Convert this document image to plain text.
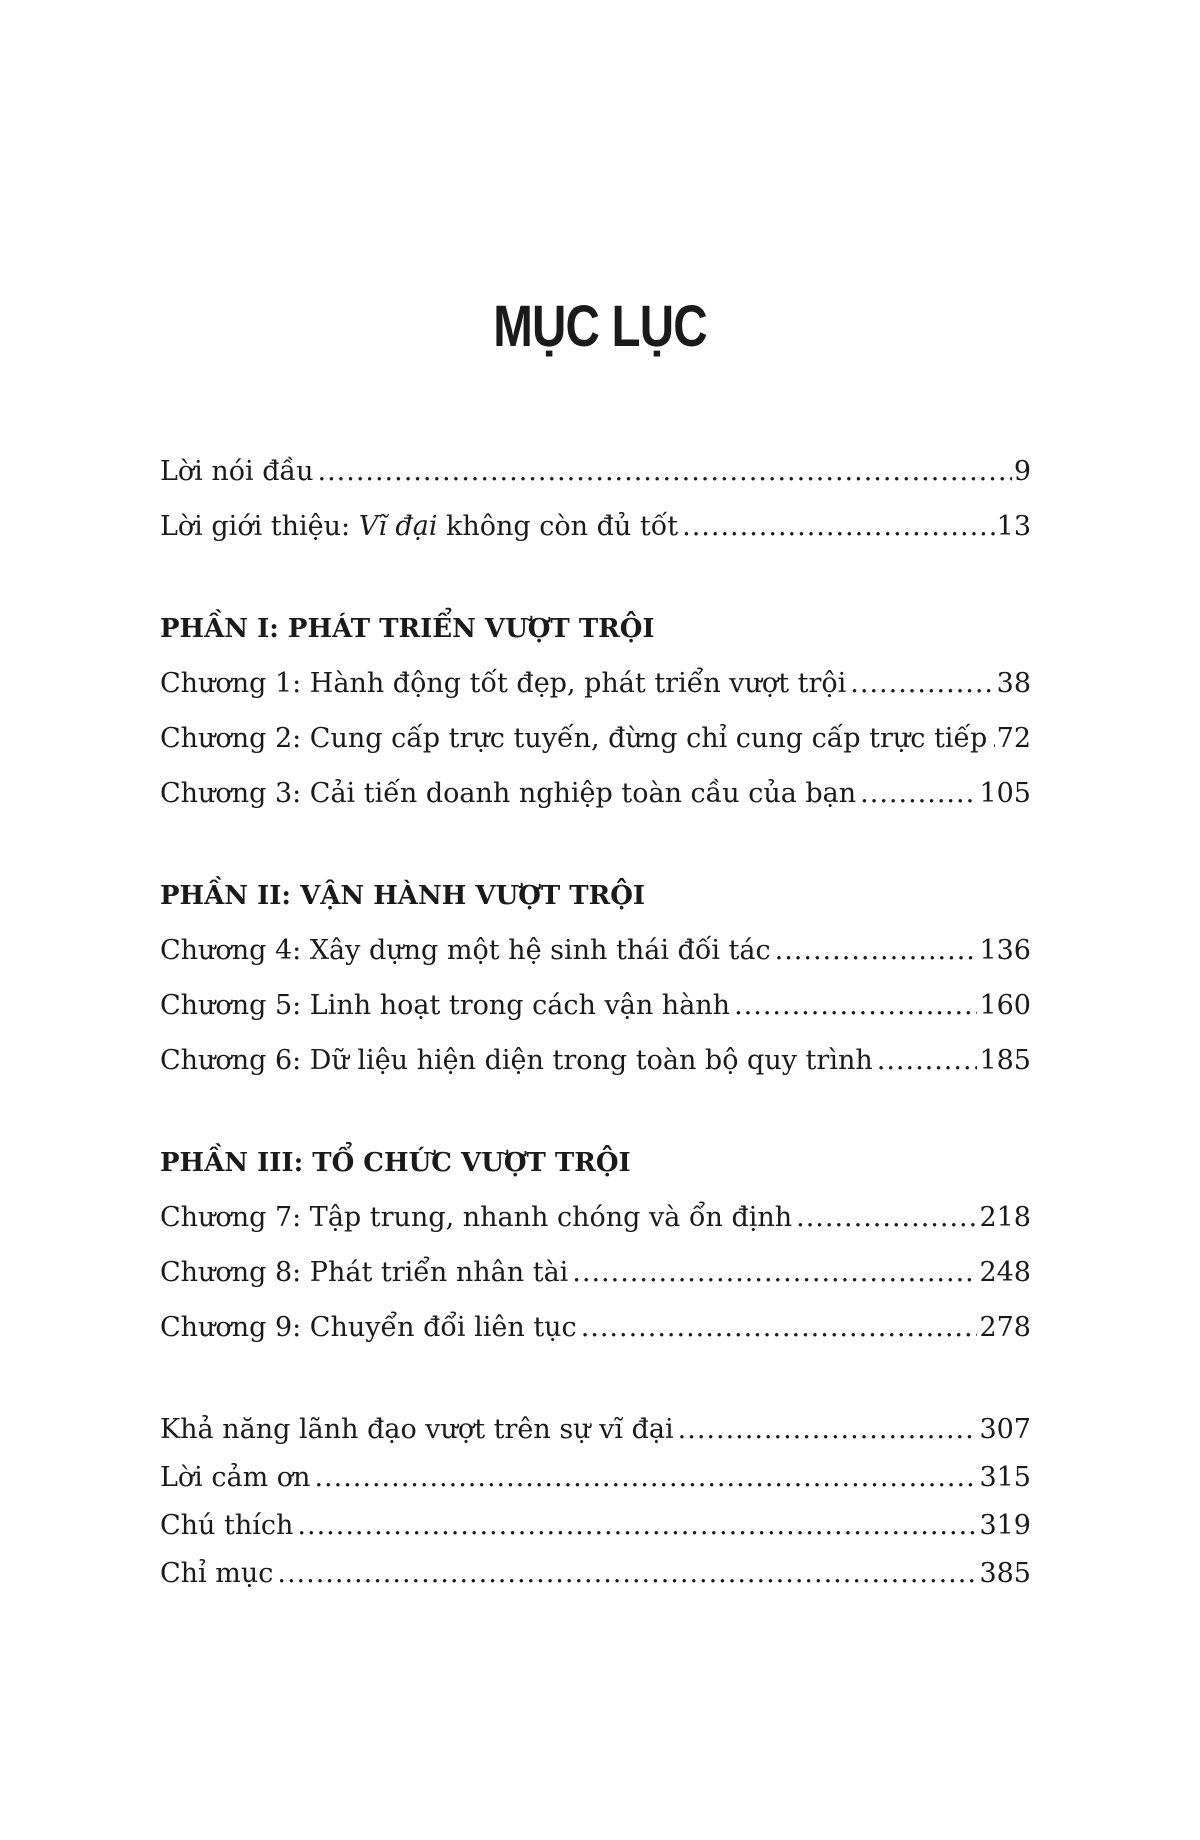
MỤC LỤC
Lời nói đầu .....	9
Lời giới thiệu: Vĩ đại không còn đủ tốt .....	13
PHẦN I: PHÁT TRIỂN VƯỢT TRỘI
Chương 1: Hành động tốt đẹp, phát triển vượt trội .....	38
Chương 2: Cung cấp trực tuyến, đừng chỉ cung cấp trực tiếp ..... 72
Chương 3: Cải tiến doanh nghiệp toàn cầu của bạn .....	105
PHẦN II: VẬN HÀNH VƯỢT TRỘI
Chương 4: Xây dựng một hệ sinh thái đối tác .....	136
Chương 5: Linh hoạt trong cách vận hành .....	160
Chương 6: Dữ liệu hiện diện trong toàn bộ quy trình .....	185
PHẦN III: TỔ CHỨC VƯỢT TRỘI
Chương 7: Tập trung, nhanh chóng và ổn định .....	218
Chương 8: Phát triển nhân tài .....	248
Chương 9: Chuyển đổi liên tục .....	278
Khả năng lãnh đạo vượt trên sự vĩ đại .....	307
Lời cảm ơn .....	315
Chú thích .....	319
Chỉ mục .....	385
